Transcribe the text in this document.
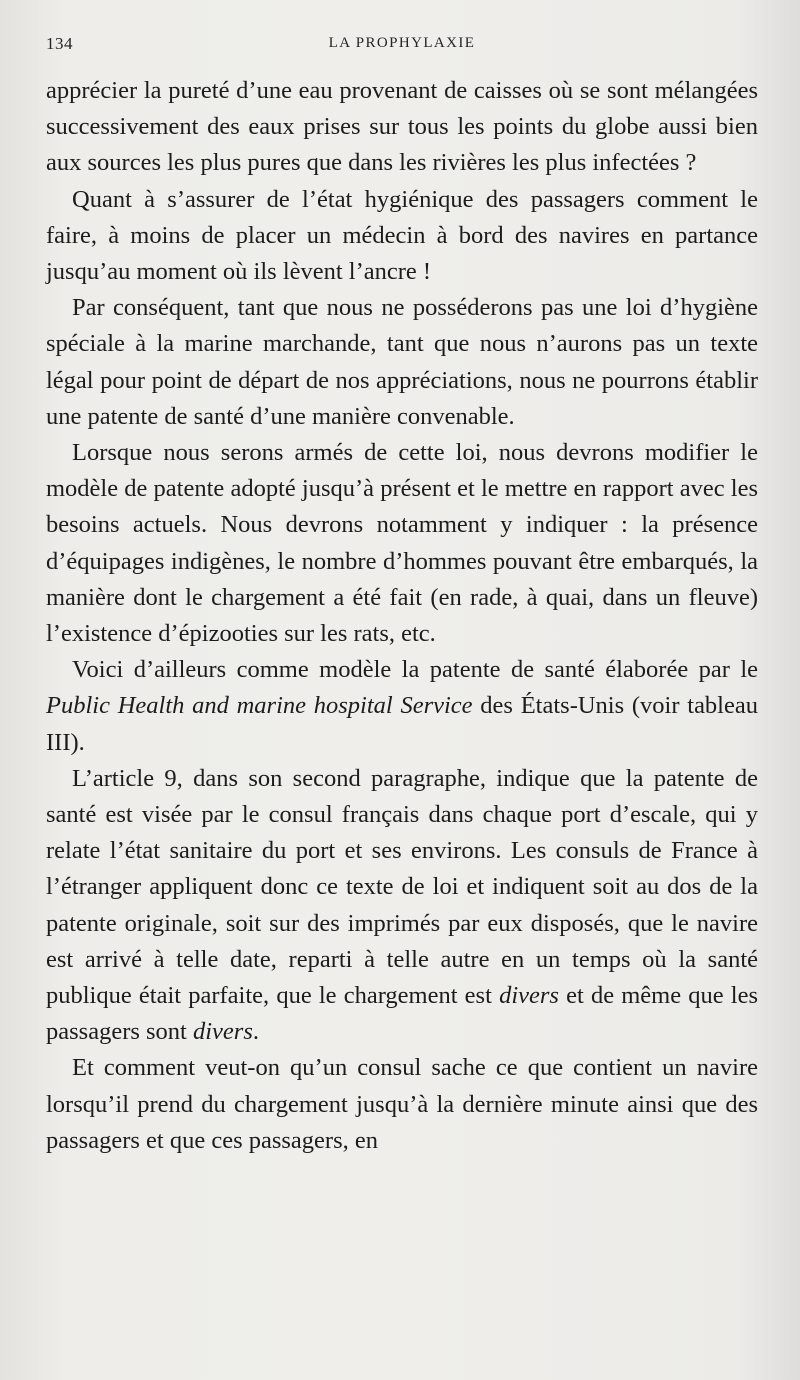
134	LA PROPHYLAXIE

apprécier la pureté d’une eau provenant de caisses où se sont mélangées successivement des eaux prises sur tous les points du globe aussi bien aux sources les plus pures que dans les rivières les plus infectées ?

Quant à s’assurer de l’état hygiénique des passagers comment le faire, à moins de placer un médecin à bord des navires en partance jusqu’au moment où ils lèvent l’ancre !

Par conséquent, tant que nous ne posséderons pas une loi d’hygiène spéciale à la marine marchande, tant que nous n’aurons pas un texte légal pour point de départ de nos appréciations, nous ne pourrons établir une patente de santé d’une manière convenable.

Lorsque nous serons armés de cette loi, nous devrons modifier le modèle de patente adopté jusqu’à présent et le mettre en rapport avec les besoins actuels. Nous devrons notamment y indiquer : la présence d’équipages indigènes, le nombre d’hommes pouvant être embarqués, la manière dont le chargement a été fait (en rade, à quai, dans un fleuve) l’existence d’épizooties sur les rats, etc.

Voici d’ailleurs comme modèle la patente de santé élaborée par le Public Health and marine hospital Service des États-Unis (voir tableau III).

L’article 9, dans son second paragraphe, indique que la patente de santé est visée par le consul français dans chaque port d’escale, qui y relate l’état sanitaire du port et ses environs. Les consuls de France à l’étranger appliquent donc ce texte de loi et indiquent soit au dos de la patente originale, soit sur des imprimés par eux disposés, que le navire est arrivé à telle date, reparti à telle autre en un temps où la santé publique était parfaite, que le chargement est divers et de même que les passagers sont divers.

Et comment veut-on qu’un consul sache ce que contient un navire lorsqu’il prend du chargement jusqu’à la dernière minute ainsi que des passagers et que ces passagers, en
